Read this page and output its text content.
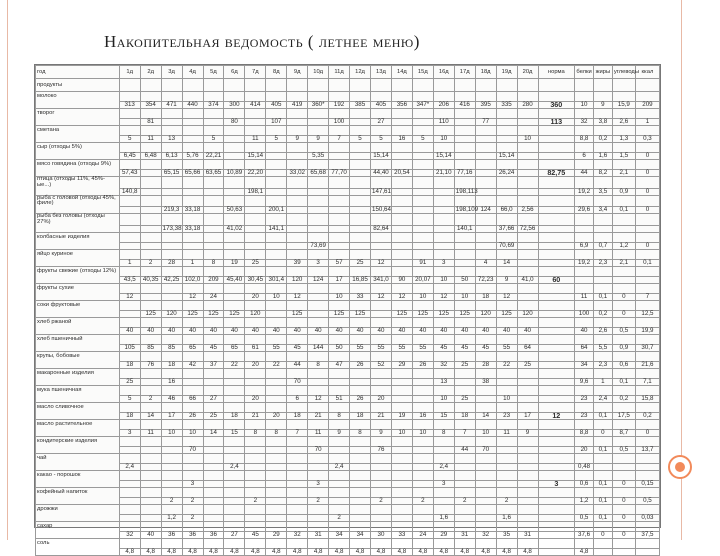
Накопительная ведомость ( летнее меню)
год	1д	2д	3д	4д	5д	6д	7д	8д	9д	10д	11д	12д	13д	14д	15д	16д	17д	18д	19д	20д	норма	белки	жиры	углеводы	ккал
продукты																									
молоко																									
	313	354	471	440	374	300	414	405	419	360*	192	385	405	356	347*	206	416	395	335	280	360	10	9	15,9	209
творог																									
		81				80		107			100		27			110		77			113	32	3,8	2,6	1
сметана																									
	5	11	13		5		11	5	9	9	7	5	5	16	5	10				10		8,8	0,2	1,3	0,3
сыр (отходы 5%)																									
	6,45	6,48	6,13	5,76	22,21		15,14			5,35			15,14			15,14			15,14			6	1,6	1,5	0
мясо говядина (отходы 9%)																									
	57,43		65,15	65,66	63,65	10,89	22,20		33,02	65,68	77,70		44,40	20,54		21,10	77,16		26,24		82,75	44	8,2	2,1	0
птица (отходы 11%, 45%-ые...)																									
	140,8						198,1						147,61				198,113					19,2	3,5	0,9	0
рыба с головой (отходы 45%, филе)																									
			219,3	33,18		50,63		200,1					150,64				198,109	124	66,0	2,56		29,6	3,4	0,1	0
рыба без головы (отходы 27%)																									
			173,38	33,18		41,02		141,1					82,64				140,1		37,66	72,56					
колбасные изделия																									
										73,69									70,69			6,9	0,7	1,2	0
яйцо куриное																									
	1	2	28	1	8	19	25		39	3	57	25	12		91	3		4	14			19,2	2,3	2,1	0,1
фрукты свежие (отходы 12%)																									
	43,5	40,35	42,25	102,0	209	45,40	30,45	301,4	120	124	17	16,85	341,0	90	20,07	10	50	72,23	9	41,0	60				
фрукты сухие																									
	12			12	24		20	10	12		10	33	12	12	10	12	10	18	12			11	0,1	0	7
соки фруктовые																									
		125	120	125	125	125	120		125		125	125		125	125	125	125	120	125	120		100	0,2	0	12,5
хлеб ржаной																									
	40	40	40	40	40	40	40	40	40	40	40	40	40	40	40	40	40	40	40	40		40	2,6	0,5	19,9
хлеб пшеничный																									
	105	85	85	65	45	65	61	55	45	144	50	55	55	55	55	45	45	45	55	64		64	5,5	0,9	30,7
крупы, бобовые																									
	18	76	18	42	37	22	20	22	44	8	47	26	52	29	26	32	25	28	22	25		34	2,3	0,6	21,6
макаронные изделия																									
	25		16						70							13		38				9,6	1	0,1	7,1
мука пшеничная																									
	5	2	46	66	27		20		6	12	51	26	20			10	25		10			23	2,4	0,2	15,8
масло сливочное																									
	18	14	17	26	25	18	21	20	18	21	8	18	21	19	16	15	18	14	23	17	12	23	0,1	17,5	0,2
масло растительное																									
	3	11	10	10	14	15	8	8	7	11	9	8	9	10	10	8	7	10	11	9		8,8	0	8,7	0
кондитерские изделия																									
				70						70			76				44	70				20	0,1	0,5	13,7
чай																									
	2,4					2,4					2,4					2,4						0,48			
какао - порошок																									
				3						3						3					3	0,6	0,1	0	0,15
кофейный напиток																									
			2	2			2			2			2		2		2		2			1,2	0,1	0	0,5
дрожжи																									
			1,2	2							2					1,6			1,6			0,5	0,1	0	0,03
сахар																									
	32	40	36	36	36	27	45	29	32	31	34	34	30	33	24	29	31	32	35	31		37,6	0	0	37,5
соль																									
	4,8	4,8	4,8	4,8	4,8	4,8	4,8	4,8	4,8	4,8	4,8	4,8	4,8	4,8	4,8	4,8	4,8	4,8	4,8	4,8		4,8			
